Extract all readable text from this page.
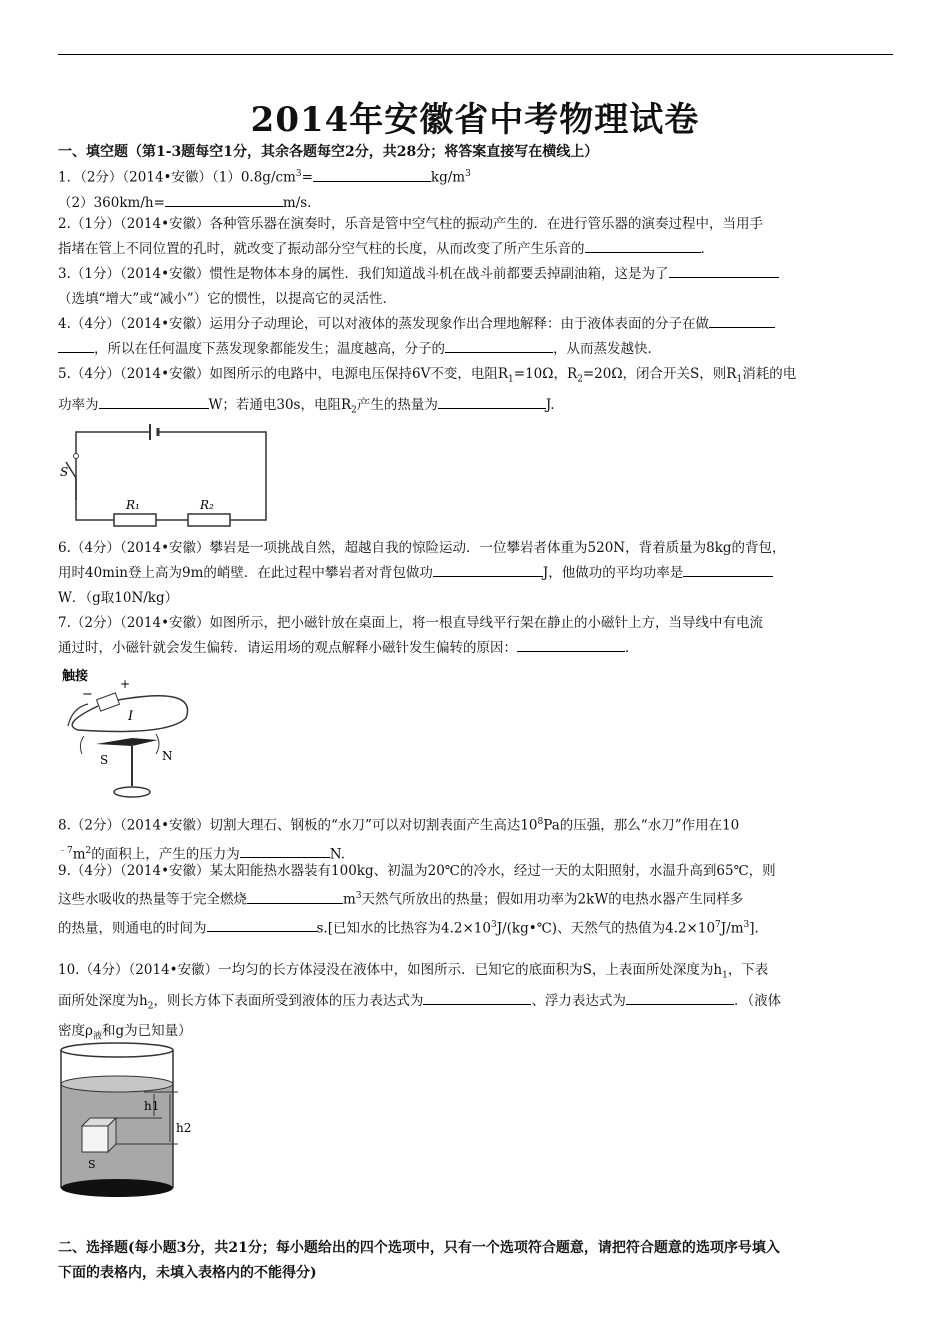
2014年安徽省中考物理试卷
一、填空题（第1-3题每空1分，其余各题每空2分，共28分；将答案直接写在横线上）

1．（2分）（2014•安徽）$(1)0.8g/cm^3=$	$kg/m^3$

（2）360km/h=	m/s.

2.（1分）（2014•安徽）各种管乐器在演奏时，乐音是管中空气柱的振动产生的．在进行管乐器的演奏过程中，当用手

指堵在管上不同位置的孔时，就改变了振动部分空气柱的长度，从而改变了所产生乐音的	．

3.（1分）（2014•安徽）惯性是物体本身的属性．我们知道战斗机在战斗前都要丢掉副油箱，这是为了

（选填“增大”或“减小”）它的惯性，以提高它的灵活性．

4.（4分）（2014•安徽）运用分子动理论，可以对液体的蒸发现象作出合理地解释：由于液体表面的分子在做

，所以在任何温度下蒸发现象都能发生；温度越高，分子的	，从而蒸发越快．

5.（4分）（2014•安徽）如图所示的电路中，电源电压保持6V不变，电阻$R_1=10\Omega$，$R_2=20\Omega$，闭合开关S，则$R_1$消耗的电

功率为	W；若通电30s，电阻$R_2$产生的热量为	J.

S
R₁	R₂

6.（4分）（2014•安徽）攀岩是一项挑战自然，超越自我的惊险运动．一位攀岩者体重为520N，背着质量为8kg的背包，

用时40min登上高为9m的峭壁．在此过程中攀岩者对背包做功	J，他做功的平均功率是

W．（g取10N/kg）

7.（2分）（2014•安徽）如图所示，把小磁针放在桌面上，将一根直导线平行架在静止的小磁针上方，当导线中有电流

通过时，小磁针就会发生偏转．请运用场的观点解释小磁针发生偏转的原因：	．

触接
−
+
I
S	N

8.（2分）（2014•安徽）切割大理石、钢板的“水刀”可以对切割表面产生高达$10^8Pa$的压强，那么“水刀”作用在10

$^{﹣7}m^2$的面积上，产生的压力为	N.

9.（4分）（2014•安徽）某太阳能热水器装有100kg、初温为20℃的冷水，经过一天的太阳照射，水温升高到65℃，则

这些水吸收的热量等于完全燃烧	$m^3$天然气所放出的热量；假如用功率为2kW的电热水器产生同样多

的热量，则通电的时间为	s.[已知水的比热容为$4.2\times 10^3J/(kg•℃)$、天然气的热值为$4.2\times 10^7J/m^3$].

10.（4分）（2014•安徽）一均匀的长方体浸没在液体中，如图所示．已知它的底面积为S，上表面所处深度为$h_1$，下表

面所处深度为$h_2$，则长方体下表面所受到液体的压力表达式为	、浮力表达式为	．（液体

密度$\rho_液$和g为已知量）

S
h1
h2
二、选择题(每小题3分，共21分；每小题给出的四个选项中，只有一个选项符合题意，请把符合题意的选项序号填入
下面的表格内，未填入表格内的不能得分)
